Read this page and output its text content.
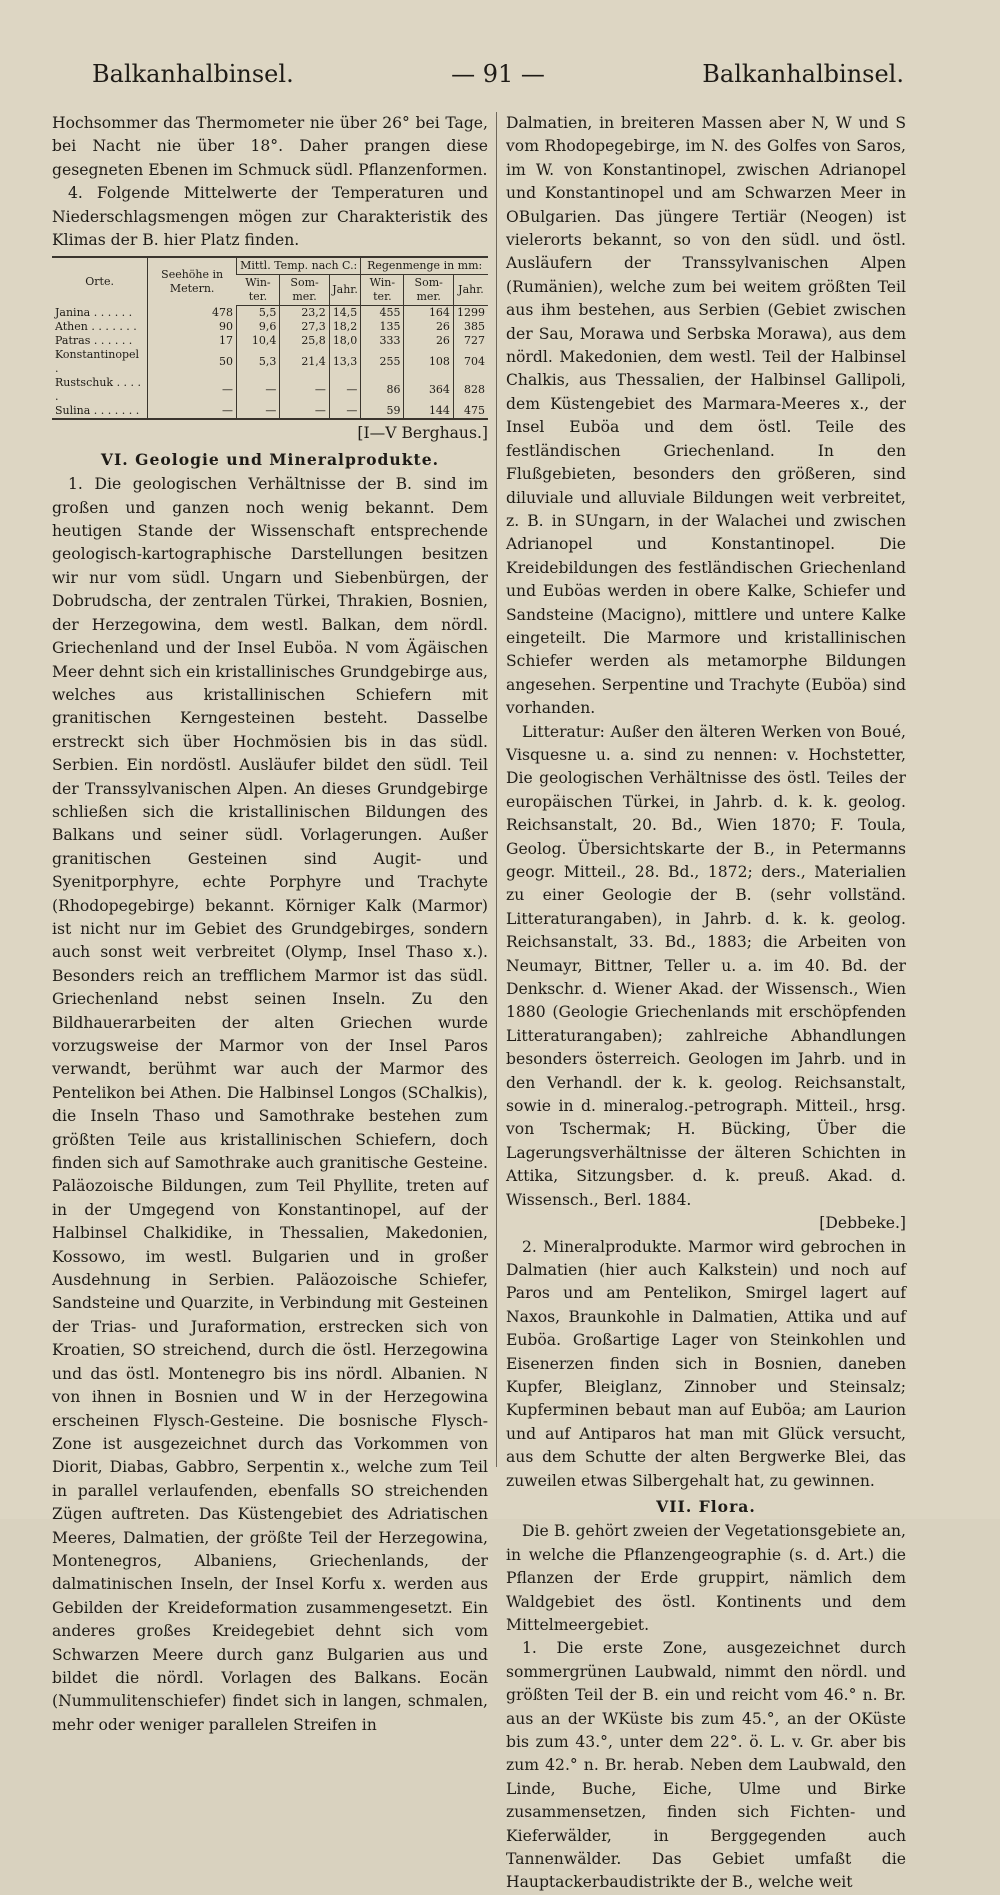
Balkanhalbinsel.	— 91 —	Balkanhalbinsel.

Hochsommer das Thermometer nie über 26° bei Tage, bei Nacht nie über 18°. Daher prangen diese gesegneten Ebenen im Schmuck südl. Pflanzenformen.

4. Folgende Mittelwerte der Temperaturen und Niederschlagsmengen mögen zur Charakteristik des Klimas der B. hier Platz finden.

Orte.	Seehöhe in Metern.	Mittl. Temp. nach C.:			Regenmenge in mm:		
		Win- ter.	Som- mer.	Jahr.	Win- ter.	Som- mer.	Jahr.
Janina . . . . . .	478	5,5	23,2	14,5	455	164	1299
Athen . . . . . . .	90	9,6	27,3	18,2	135	26	385
Patras . . . . . .	17	10,4	25,8	18,0	333	26	727
Konstantinopel .	50	5,3	21,4	13,3	255	108	704
Rustschuk . . . . .	—	—	—	—	86	364	828
Sulina . . . . . . .	—	—	—	—	59	144	475

[I—V Berghaus.]

VI. Geologie und Mineralprodukte.

1. Die geologischen Verhältnisse der B. sind im großen und ganzen noch wenig bekannt. Dem heutigen Stande der Wissenschaft entsprechende geologisch-kartographische Darstellungen besitzen wir nur vom südl. Ungarn und Siebenbürgen, der Dobrudscha, der zentralen Türkei, Thrakien, Bosnien, der Herzegowina, dem westl. Balkan, dem nördl. Griechenland und der Insel Euböa. N vom Ägäischen Meer dehnt sich ein kristallinisches Grundgebirge aus, welches aus kristallinischen Schiefern mit granitischen Kerngesteinen besteht. Dasselbe erstreckt sich über Hochmösien bis in das südl. Serbien. Ein nordöstl. Ausläufer bildet den südl. Teil der Transsylvanischen Alpen. An dieses Grundgebirge schließen sich die kristallinischen Bildungen des Balkans und seiner südl. Vorlagerungen. Außer granitischen Gesteinen sind Augit- und Syenitporphyre, echte Porphyre und Trachyte (Rhodopegebirge) bekannt. Körniger Kalk (Marmor) ist nicht nur im Gebiet des Grundgebirges, sondern auch sonst weit verbreitet (Olymp, Insel Thaso x.). Besonders reich an trefflichem Marmor ist das südl. Griechenland nebst seinen Inseln. Zu den Bildhauerarbeiten der alten Griechen wurde vorzugsweise der Marmor von der Insel Paros verwandt, berühmt war auch der Marmor des Pentelikon bei Athen. Die Halbinsel Longos (SChalkis), die Inseln Thaso und Samothrake bestehen zum größten Teile aus kristallinischen Schiefern, doch finden sich auf Samothrake auch granitische Gesteine. Paläozoische Bildungen, zum Teil Phyllite, treten auf in der Umgegend von Konstantinopel, auf der Halbinsel Chalkidike, in Thessalien, Makedonien, Kossowo, im westl. Bulgarien und in großer Ausdehnung in Serbien. Paläozoische Schiefer, Sandsteine und Quarzite, in Verbindung mit Gesteinen der Trias- und Juraformation, erstrecken sich von Kroatien, SO streichend, durch die östl. Herzegowina und das östl. Montenegro bis ins nördl. Albanien. N von ihnen in Bosnien und W in der Herzegowina erscheinen Flysch-Gesteine. Die bosnische Flysch-Zone ist ausgezeichnet durch das Vorkommen von Diorit, Diabas, Gabbro, Serpentin x., welche zum Teil in parallel verlaufenden, ebenfalls SO streichenden Zügen auftreten. Das Küstengebiet des Adriatischen Meeres, Dalmatien, der größte Teil der Herzegowina, Montenegros, Albaniens, Griechenlands, der dalmatinischen Inseln, der Insel Korfu x. werden aus Gebilden der Kreideformation zusammengesetzt. Ein anderes großes Kreidegebiet dehnt sich vom Schwarzen Meere durch ganz Bulgarien aus und bildet die nördl. Vorlagen des Balkans. Eocän (Nummulitenschiefer) findet sich in langen, schmalen, mehr oder weniger parallelen Streifen in

Dalmatien, in breiteren Massen aber N, W und S vom Rhodopegebirge, im N. des Golfes von Saros, im W. von Konstantinopel, zwischen Adrianopel und Konstantinopel und am Schwarzen Meer in OBulgarien. Das jüngere Tertiär (Neogen) ist vielerorts bekannt, so von den südl. und östl. Ausläufern der Transsylvanischen Alpen (Rumänien), welche zum bei weitem größten Teil aus ihm bestehen, aus Serbien (Gebiet zwischen der Sau, Morawa und Serbska Morawa), aus dem nördl. Makedonien, dem westl. Teil der Halbinsel Chalkis, aus Thessalien, der Halbinsel Gallipoli, dem Küstengebiet des Marmara-Meeres x., der Insel Euböa und dem östl. Teile des festländischen Griechenland. In den Flußgebieten, besonders den größeren, sind diluviale und alluviale Bildungen weit verbreitet, z. B. in SUngarn, in der Walachei und zwischen Adrianopel und Konstantinopel. Die Kreidebildungen des festländischen Griechenland und Euböas werden in obere Kalke, Schiefer und Sandsteine (Macigno), mittlere und untere Kalke eingeteilt. Die Marmore und kristallinischen Schiefer werden als metamorphe Bildungen angesehen. Serpentine und Trachyte (Euböa) sind vorhanden.

Litteratur: Außer den älteren Werken von Boué, Visquesne u. a. sind zu nennen: v. Hochstetter, Die geologischen Verhältnisse des östl. Teiles der europäischen Türkei, in Jahrb. d. k. k. geolog. Reichsanstalt, 20. Bd., Wien 1870; F. Toula, Geolog. Übersichtskarte der B., in Petermanns geogr. Mitteil., 28. Bd., 1872; ders., Materialien zu einer Geologie der B. (sehr vollständ. Litteraturangaben), in Jahrb. d. k. k. geolog. Reichsanstalt, 33. Bd., 1883; die Arbeiten von Neumayr, Bittner, Teller u. a. im 40. Bd. der Denkschr. d. Wiener Akad. der Wissensch., Wien 1880 (Geologie Griechenlands mit erschöpfenden Litteraturangaben); zahlreiche Abhandlungen besonders österreich. Geologen im Jahrb. und in den Verhandl. der k. k. geolog. Reichsanstalt, sowie in d. mineralog.-petrograph. Mitteil., hrsg. von Tschermak; H. Bücking, Über die Lagerungsverhältnisse der älteren Schichten in Attika, Sitzungsber. d. k. preuß. Akad. d. Wissensch., Berl. 1884.

[Debbeke.]

2. Mineralprodukte. Marmor wird gebrochen in Dalmatien (hier auch Kalkstein) und noch auf Paros und am Pentelikon, Smirgel lagert auf Naxos, Braunkohle in Dalmatien, Attika und auf Euböa. Großartige Lager von Steinkohlen und Eisenerzen finden sich in Bosnien, daneben Kupfer, Bleiglanz, Zinnober und Steinsalz; Kupferminen bebaut man auf Euböa; am Laurion und auf Antiparos hat man mit Glück versucht, aus dem Schutte der alten Bergwerke Blei, das zuweilen etwas Silbergehalt hat, zu gewinnen.

VII. Flora.

Die B. gehört zweien der Vegetationsgebiete an, in welche die Pflanzengeographie (s. d. Art.) die Pflanzen der Erde gruppirt, nämlich dem Waldgebiet des östl. Kontinents und dem Mittelmeergebiet.

1. Die erste Zone, ausgezeichnet durch sommergrünen Laubwald, nimmt den nördl. und größten Teil der B. ein und reicht vom 46.° n. Br. aus an der WKüste bis zum 45.°, an der OKüste bis zum 43.°, unter dem 22°. ö. L. v. Gr. aber bis zum 42.° n. Br. herab. Neben dem Laubwald, den Linde, Buche, Eiche, Ulme und Birke zusammensetzen, finden sich Fichten- und Kieferwälder, in Berggegenden auch Tannenwälder. Das Gebiet umfaßt die Hauptackerbaudistrikte der B., welche weit
